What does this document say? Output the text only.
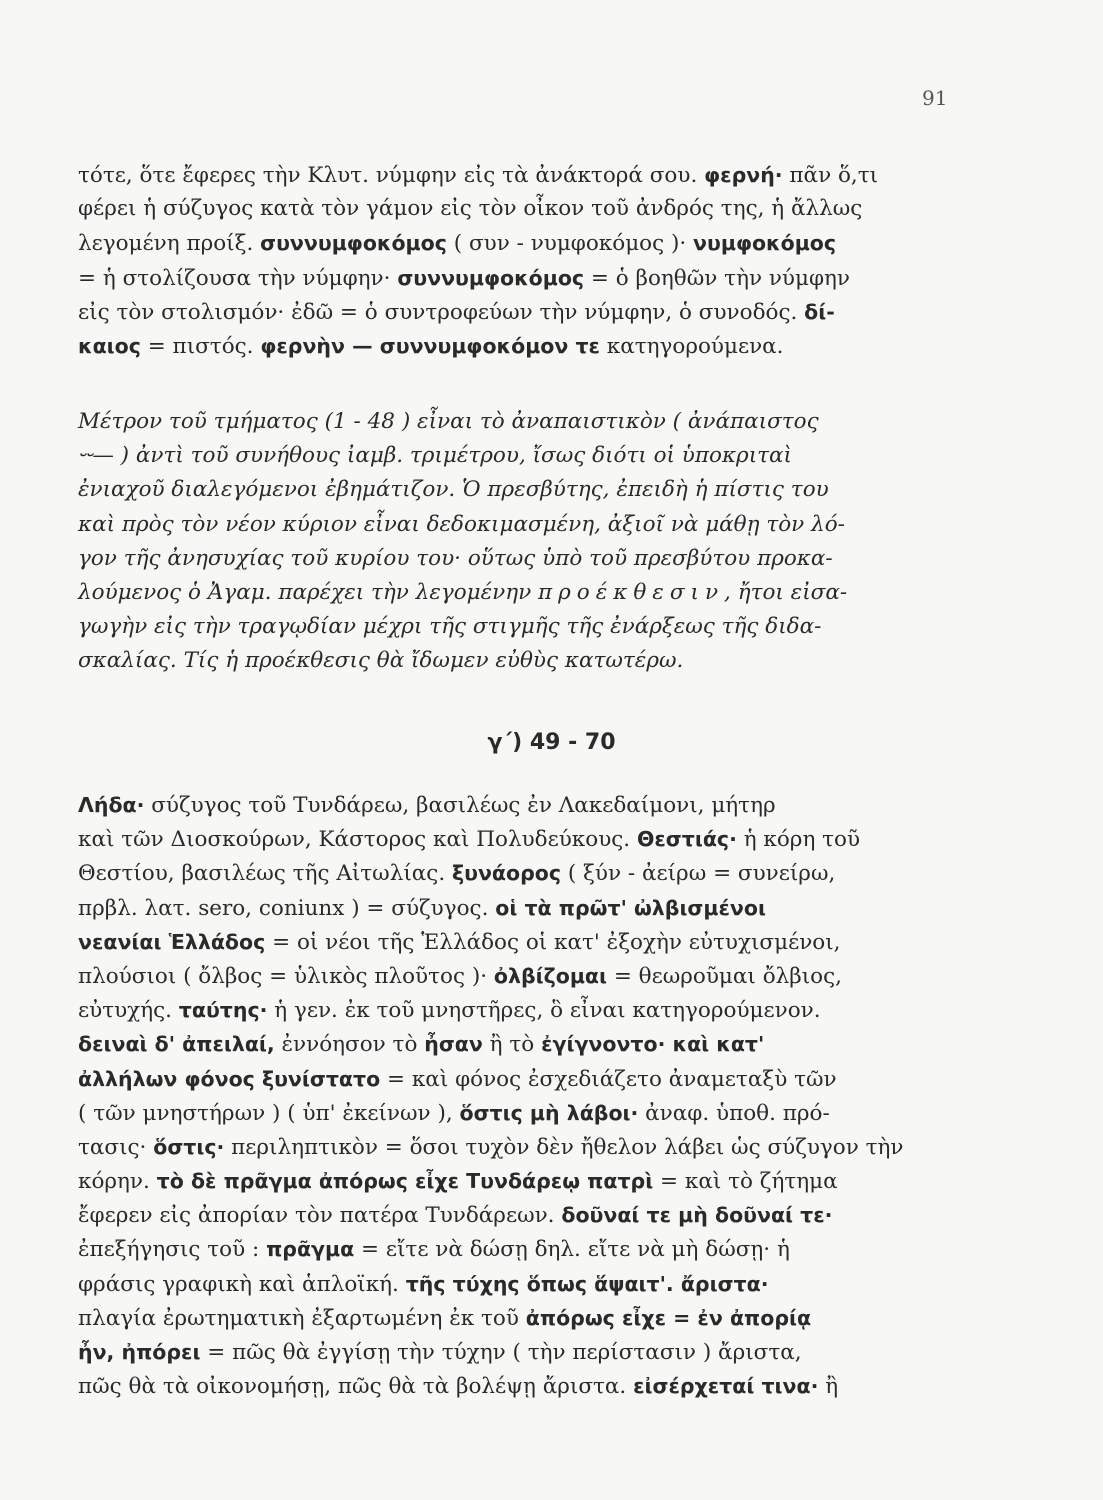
91
τότε, ὅτε ἔφερες τὴν Κλυτ. νύμφην εἰς τὰ ἀνάκτορά σου. φερνή· πᾶν ὅ,τι
φέρει ἡ σύζυγος κατὰ τὸν γάμον εἰς τὸν οἶκον τοῦ ἀνδρός της, ἡ ἄλλως
λεγομένη προίξ. συννυμφοκόμος ( συν - νυμφοκόμος )· νυμφοκόμος
= ἡ στολίζουσα τὴν νύμφην· συννυμφοκόμος = ὁ βοηθῶν τὴν νύμφην
εἰς τὸν στολισμόν· ἐδῶ = ὁ συντροφεύων τὴν νύμφην, ὁ συνοδός. δί-
καιος = πιστός. φερνὴν — συννυμφοκόμον τε κατηγορούμενα.
Μέτρον τοῦ τμήματος (1 - 48 ) εἶναι τὸ ἀναπαιστικὸν ( ἀνάπαιστος
⏑⏑— ) ἀντὶ τοῦ συνήθους ἰαμβ. τριμέτρου, ἴσως διότι οἱ ὑποκριταὶ
ἐνιαχοῦ διαλεγόμενοι ἐβημάτιζον. Ὁ πρεσβύτης, ἐπειδὴ ἡ πίστις του
καὶ πρὸς τὸν νέον κύριον εἶναι δεδοκιμασμένη, ἀξιοῖ νὰ μάθῃ τὸν λό-
γον τῆς ἀνησυχίας τοῦ κυρίου του· οὕτως ὑπὸ τοῦ πρεσβύτου προκα-
λούμενος ὁ Ἀγαμ. παρέχει τὴν λεγομένην προέκθεσιν, ἤτοι εἰσα-
γωγὴν εἰς τὴν τραγῳδίαν μέχρι τῆς στιγμῆς τῆς ἐνάρξεως τῆς διδα-
σκαλίας. Τίς ἡ προέκθεσις θὰ ἴδωμεν εὐθὺς κατωτέρω.
γ΄) 49 - 70
Λήδα· σύζυγος τοῦ Τυνδάρεω, βασιλέως ἐν Λακεδαίμονι, μήτηρ
καὶ τῶν Διοσκούρων, Κάστορος καὶ Πολυδεύκους. Θεστιάς· ἡ κόρη τοῦ
Θεστίου, βασιλέως τῆς Αἰτωλίας. ξυνάορος ( ξύν - ἀείρω = συνείρω,
πρβλ. λατ. sero, coniunx ) = σύζυγος. οἱ τὰ πρῶτ' ὠλβισμένοι
νεανίαι Ἑλλάδος = οἱ νέοι τῆς Ἑλλάδος οἱ κατ' ἐξοχὴν εὐτυχισμένοι,
πλούσιοι ( ὄλβος = ὑλικὸς πλοῦτος )· ὀλβίζομαι = θεωροῦμαι ὄλβιος,
εὐτυχής. ταύτης· ἡ γεν. ἐκ τοῦ μνηστῆρες, ὃ εἶναι κατηγορούμενον.
δειναὶ δ' ἀπειλαί, ἐννόησον τὸ ἦσαν ἢ τὸ ἐγίγνοντο· καὶ κατ'
ἀλλήλων φόνος ξυνίστατο = καὶ φόνος ἐσχεδιάζετο ἀναμεταξὺ τῶν
( τῶν μνηστήρων ) ( ὑπ' ἐκείνων ), ὅστις μὴ λάβοι· ἀναφ. ὑποθ. πρό-
τασις· ὅστις· περιληπτικὸν = ὅσοι τυχὸν δὲν ἤθελον λάβει ὡς σύζυγον τὴν
κόρην. τὸ δὲ πρᾶγμα ἀπόρως εἶχε Τυνδάρεῳ πατρὶ = καὶ τὸ ζήτημα
ἔφερεν εἰς ἀπορίαν τὸν πατέρα Τυνδάρεων. δοῦναί τε μὴ δοῦναί τε·
ἐπεξήγησις τοῦ : πρᾶγμα = εἴτε νὰ δώσῃ δηλ. εἴτε νὰ μὴ δώσῃ· ἡ
φράσις γραφικὴ καὶ ἁπλοϊκή. τῆς τύχης ὅπως ἅψαιτ'. ἄριστα·
πλαγία ἐρωτηματικὴ ἐξαρτωμένη ἐκ τοῦ ἀπόρως εἶχε = ἐν ἀπορίᾳ
ἦν, ἠπόρει = πῶς θὰ ἐγγίσῃ τὴν τύχην ( τὴν περίστασιν ) ἄριστα,
πῶς θὰ τὰ οἰκονομήσῃ, πῶς θὰ τὰ βολέψῃ ἄριστα. εἰσέρχεταί τινα· ἢ
